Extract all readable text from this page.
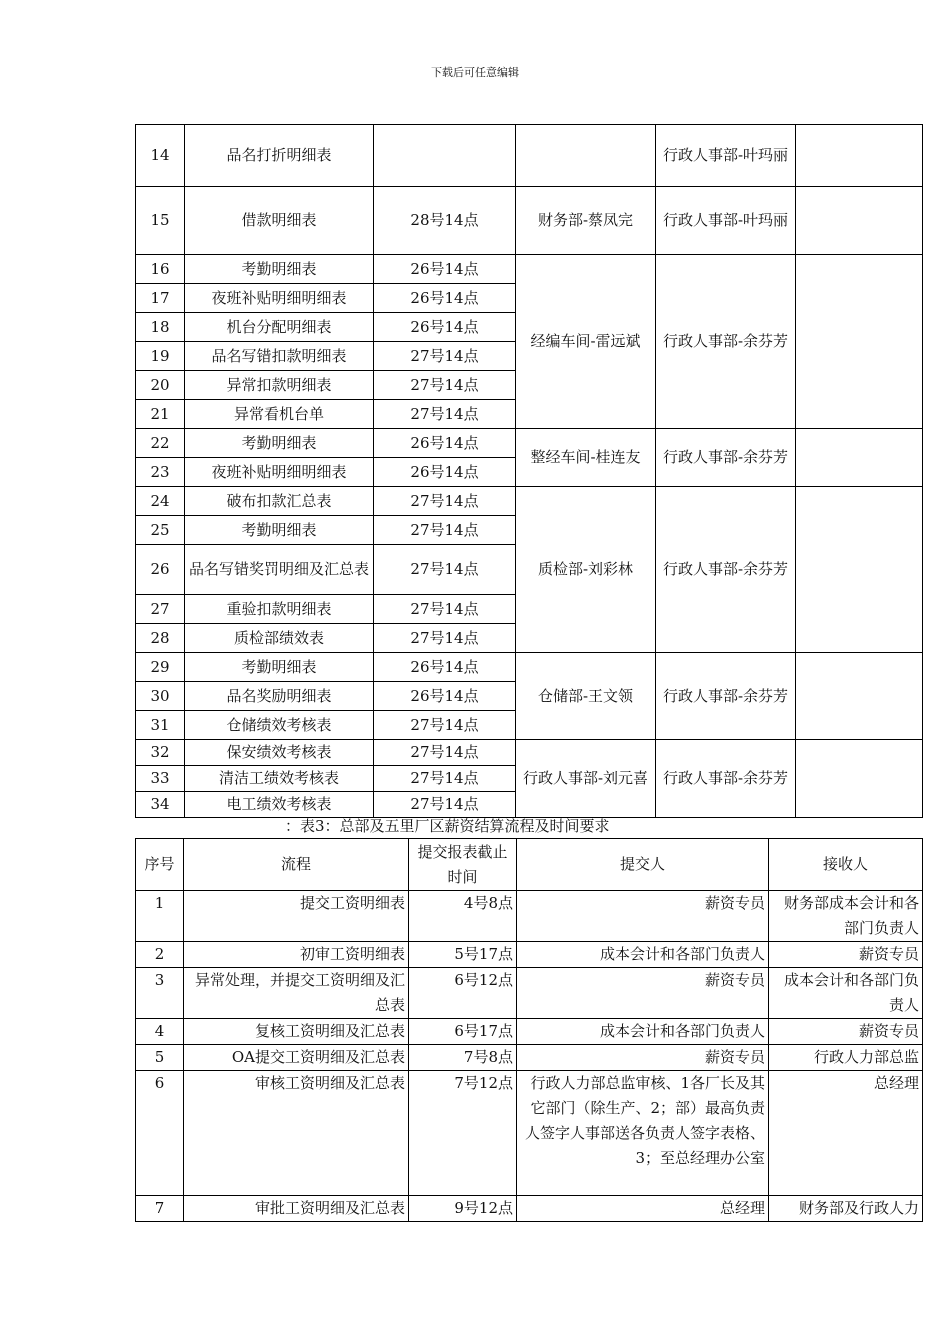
下载后可任意编辑
14	品名打折明细表			行政人事部-叶玛丽	
15	借款明细表	28号14点	财务部-蔡凤完	行政人事部-叶玛丽	
16	考勤明细表	26号14点	经编车间-雷远斌	行政人事部-余芬芳	
17	夜班补贴明细明细表	26号14点			
18	机台分配明细表	26号14点			
19	品名写错扣款明细表	27号14点			
20	异常扣款明细表	27号14点			
21	异常看机台单	27号14点			
22	考勤明细表	26号14点	整经车间-桂连友	行政人事部-余芬芳	
23	夜班补贴明细明细表	26号14点			
24	破布扣款汇总表	27号14点	质检部-刘彩林	行政人事部-余芬芳	
25	考勤明细表	27号14点			
26	品名写错奖罚明细及汇总表	27号14点			
27	重验扣款明细表	27号14点			
28	质检部绩效表	27号14点			
29	考勤明细表	26号14点	仓储部-王文领	行政人事部-余芬芳	
30	品名奖励明细表	26号14点			
31	仓储绩效考核表	27号14点			
32	保安绩效考核表	27号14点	行政人事部-刘元喜	行政人事部-余芬芳	
33	清洁工绩效考核表	27号14点			
34	电工绩效考核表	27号14点			
：表3：总部及五里厂区薪资结算流程及时间要求
序号	流程	提交报表截止时间	提交人	接收人
1	提交工资明细表	4号8点	薪资专员	财务部成本会计和各部门负责人
2	初审工资明细表	5号17点	成本会计和各部门负责人	薪资专员
3	异常处理，并提交工资明细及汇总表	6号12点	薪资专员	成本会计和各部门负责人
4	复核工资明细及汇总表	6号17点	成本会计和各部门负责人	薪资专员
5	OA提交工资明细及汇总表	7号8点	薪资专员	行政人力部总监
6	审核工资明细及汇总表	7号12点	行政人力部总监审核、1各厂长及其它部门（除生产、2；部）最高负责人签字人事部送各负责人签字表格、3；至总经理办公室	总经理
7	审批工资明细及汇总表	9号12点	总经理	财务部及行政人力
